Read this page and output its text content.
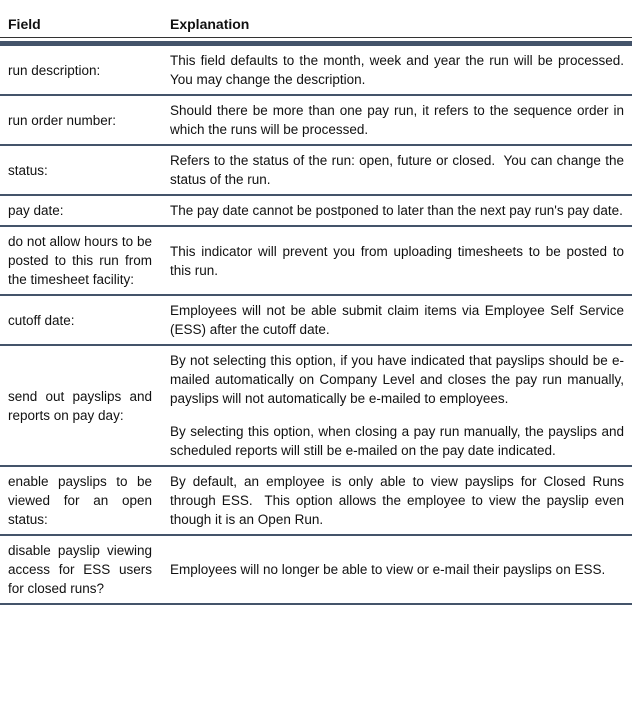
Field	Explanation

run description:

This field defaults to the month, week and year the run will be processed.  You may change the description.

run order number:

Should there be more than one pay run, it refers to the sequence order in which the runs will be processed.

status:

Refers to the status of the run: open, future or closed.  You can change the status of the run.

pay date:	The pay date cannot be postponed to later than the next pay run's pay date.

do not allow hours to be posted to this run from the timesheet facility:

This indicator will prevent you from uploading timesheets to be posted to this run.

cutoff date:

Employees will not be able submit claim items via Employee Self Service (ESS) after the cutoff date.

send out payslips and reports on pay day:

By not selecting this option, if you have indicated that payslips should be e-mailed automatically on Company Level and closes the pay run manually, payslips will not automatically be e-mailed to employees.

By selecting this option, when closing a pay run manually, the payslips and scheduled reports will still be e-mailed on the pay date indicated.

enable payslips to be viewed for an open status:

By default, an employee is only able to view payslips for Closed Runs through ESS.  This option allows the employee to view the payslip even though it is an Open Run.

disable payslip viewing access for ESS users for closed runs?

Employees will no longer be able to view or e-mail their payslips on ESS.
